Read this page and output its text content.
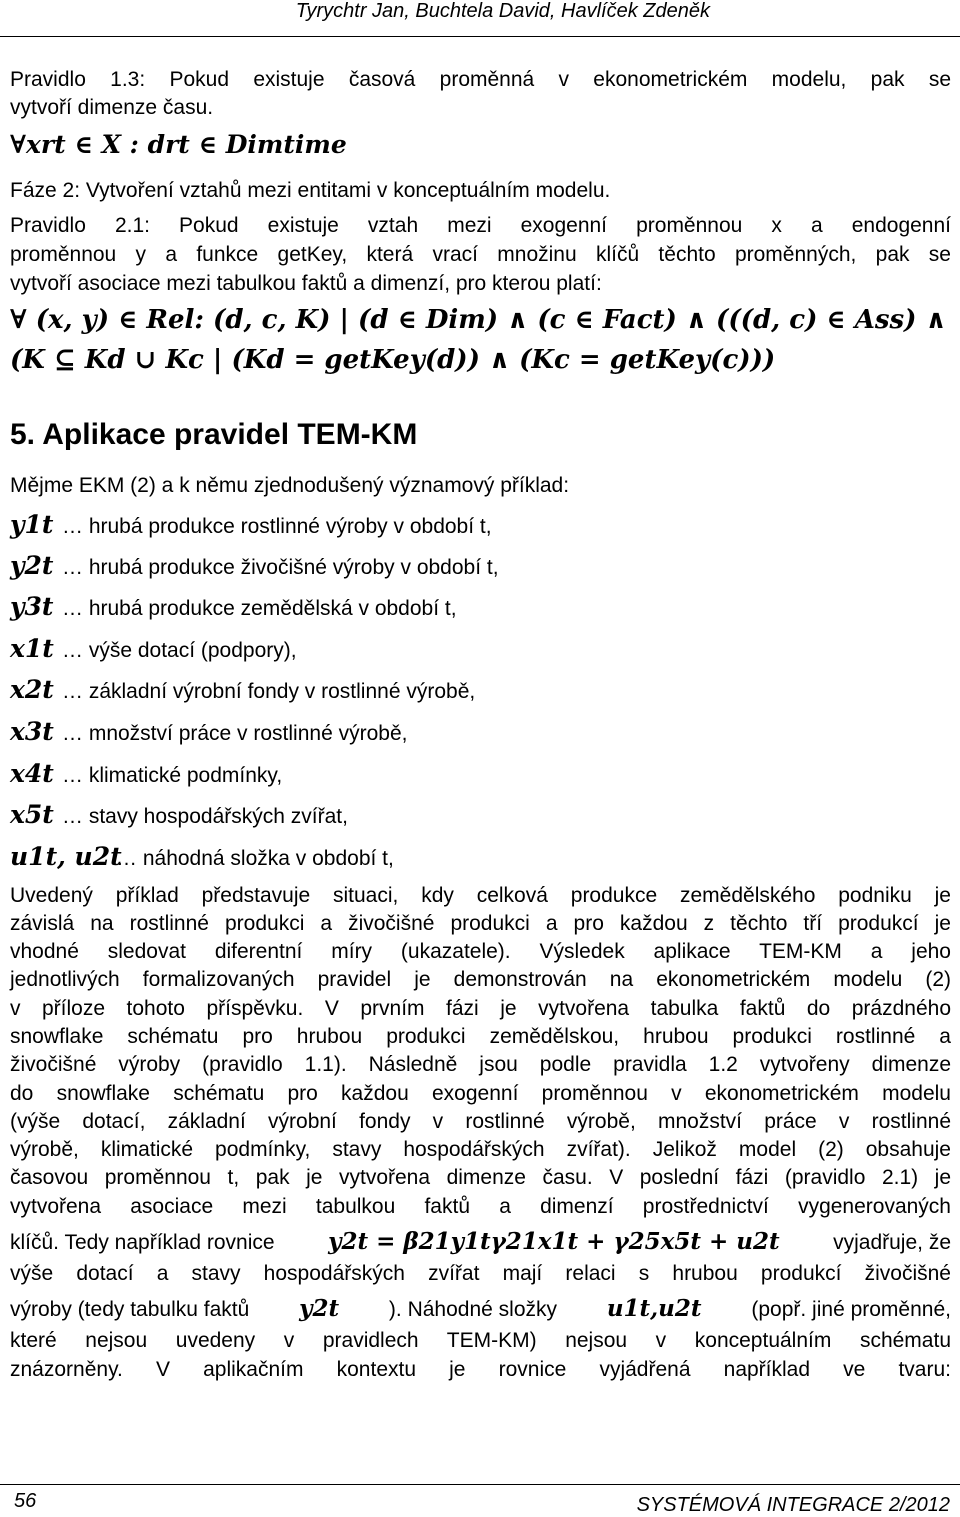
Tyrychtr Jan, Buchtela David, Havlíček Zdeněk
Pravidlo 1.3: Pokud existuje časová proměnná v ekonometrickém modelu, pak se
vytvoří dimenze času.
∀xrt ∈ X : drt ∈ Dimtime
Fáze 2: Vytvoření vztahů mezi entitami v konceptuálním modelu.
Pravidlo 2.1: Pokud existuje vztah mezi exogenní proměnnou x a endogenní
proměnnou y a funkce getKey, která vrací množinu klíčů těchto proměnných, pak se
vytvoří asociace mezi tabulkou faktů a dimenzí, pro kterou platí:
∀ (x, y) ∈ Rel: (d, c, K) | (d ∈ Dim) ∧ (c ∈ Fact) ∧ (((d, c) ∈ Ass) ∧
(K ⊆ Kd ∪ Kc | (Kd = getKey(d)) ∧ (Kc = getKey(c)))
5. Aplikace pravidel TEM-KM
Mějme EKM (2) a k němu zjednodušený významový příklad:
y1t … hrubá produkce rostlinné výroby v období t,
y2t … hrubá produkce živočišné výroby v období t,
y3t … hrubá produkce zemědělská v období t,
x1t … výše dotací (podpory),
x2t … základní výrobní fondy v rostlinné výrobě,
x3t … množství práce v rostlinné výrobě,
x4t … klimatické podmínky,
x5t … stavy hospodářských zvířat,
u1t, u2t… náhodná složka v období t,
Uvedený příklad představuje situaci, kdy celková produkce zemědělského podniku je
závislá na rostlinné produkci a živočišné produkci a pro každou z těchto tří produkcí je
vhodné sledovat diferentní míry (ukazatele). Výsledek aplikace TEM-KM a jeho
jednotlivých formalizovaných pravidel je demonstrován na ekonometrickém modelu (2)
v příloze tohoto příspěvku. V prvním fázi je vytvořena tabulka faktů do prázdného
snowflake schématu pro hrubou produkci zemědělskou, hrubou produkci rostlinné a
živočišné výroby (pravidlo 1.1). Následně jsou podle pravidla 1.2 vytvořeny dimenze
do snowflake schématu pro každou exogenní proměnnou v ekonometrickém modelu
(výše dotací, základní výrobní fondy v rostlinné výrobě, množství práce v rostlinné
výrobě, klimatické podmínky, stavy hospodářských zvířat). Jelikož model (2) obsahuje
časovou proměnnou t, pak je vytvořena dimenze času. V poslední fázi (pravidlo 2.1) je
vytvořena asociace mezi tabulkou faktů a dimenzí prostřednictví vygenerovaných
klíčů. Tedy například rovnice y2t = β21y1tγ21x1t + γ25x5t + u2t	vyjadřuje, že
výše dotací a stavy hospodářských zvířat mají relaci s hrubou produkcí živočišné
výroby (tedy tabulku faktů y2t ). Náhodné složky u1t,u2t (popř. jiné proměnné,
které nejsou uvedeny v pravidlech TEM-KM) nejsou v konceptuálním schématu
znázorněny. V aplikačním kontextu je rovnice vyjádřená například ve tvaru:
56	SYSTÉMOVÁ INTEGRACE 2/2012
